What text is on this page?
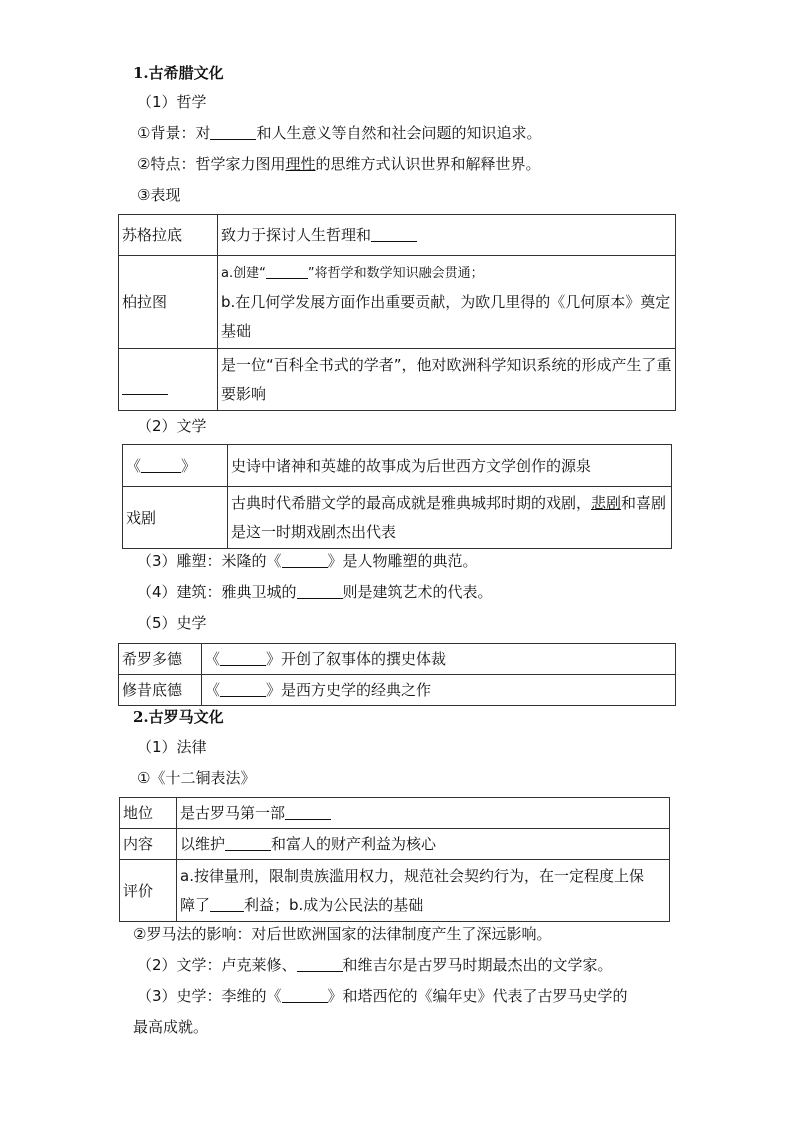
1.古希腊文化
（1）哲学
①背景：对	和人生意义等自然和社会问题的知识追求。
②特点：哲学家力图用理性的思维方式认识世界和解释世界。
③表现
苏格拉底	致力于探讨人生哲理和
柏拉图	a.创建“ ”将哲学和数学知识融会贯通；
b.在几何学发展方面作出重要贡献，为欧几里得的《几何原本》奠定基础

	是一位“百科全书式的学者”，他对欧洲科学知识系统的形成产生了重要影响
（2）文学
《 》	史诗中诸神和英雄的故事成为后世西方文学创作的源泉
戏剧	古典时代希腊文学的最高成就是雅典城邦时期的戏剧，悲剧和喜剧是这一时期戏剧杰出代表
（3）雕塑：米隆的《	》是人物雕塑的典范。
（4）建筑：雅典卫城的	则是建筑艺术的代表。
（5）史学
希罗多德	《 》开创了叙事体的撰史体裁
修昔底德	《 》是西方史学的经典之作
2.古罗马文化
（1）法律
①《十二铜表法》
地位	是古罗马第一部
内容	以维护 和富人的财产利益为核心
评价	a.按律量刑，限制贵族滥用权力，规范社会契约行为，在一定程度上保
障了 利益；b.成为公民法的基础
②罗马法的影响：对后世欧洲国家的法律制度产生了深远影响。
（2）文学：卢克莱修、	和维吉尔是古罗马时期最杰出的文学家。
（3）史学：李维的《	》和塔西佗的《编年史》代表了古罗马史学的
最高成就。
